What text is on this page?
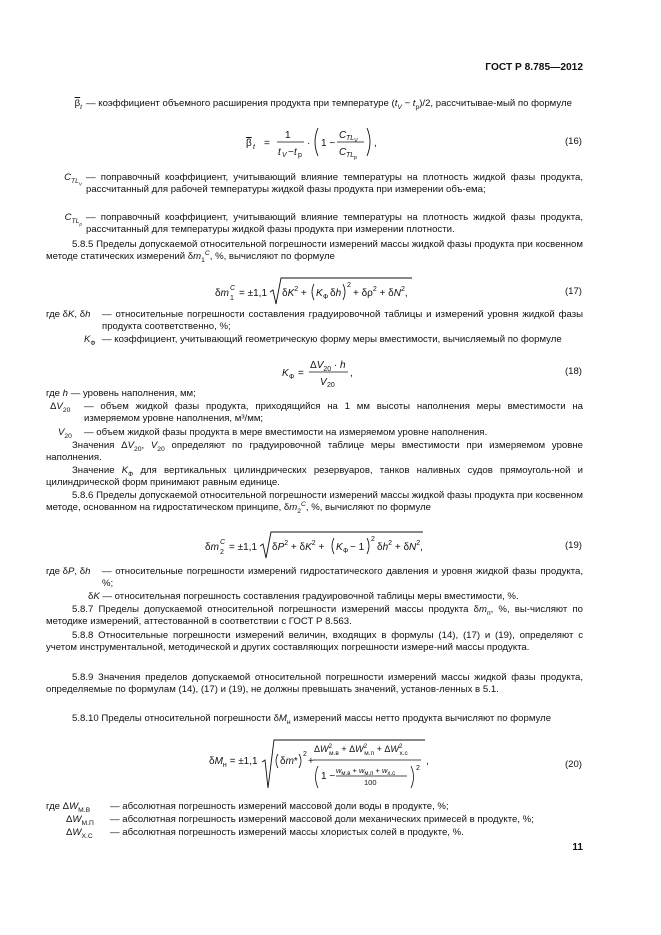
ГОСТ Р 8.785—2012
$\overline{\beta}_t$ — коэффициент объемного расширения продукта при температуре $(t_V - t_р)/2$, рассчитывае-мый по формуле
β t =
1
t V − t р
· 1 −
C TL V
C TL р
,	(16)
$C_{TL_V}$
— поправочный коэффициент, учитывающий влияние температуры на плотность жидкой фазы продукта, рассчитанный для рабочей температуры жидкой фазы продукта при измерении объ-ема;
$C_{TL_р}$
— поправочный коэффициент, учитывающий влияние температуры на плотность жидкой фазы продукта, рассчитанный для температуры жидкой фазы продукта при измерении плотности.
5.8.5 Пределы допускаемой относительной погрешности измерений массы жидкой фазы продукта при косвенном методе статических измерений $\delta m_1^C$, %, вычисляют по формуле
δm C
1 = ±1,1 $\delta K^2 + K$ Ф δh
2
+ $\delta\rho^2 + \delta N^2$,	(17)
где δK, δh — относительные погрешности составления градуировочной таблицы и измерений уровня жидкой фазы продукта соответственно, %;
$K_Ф$ — коэффициент, учитывающий геометрическую форму меры вместимости, вычисляемый по формуле
K Ф =
$\Delta V_{20} \cdot h$
V 20
,	(18)
где h — уровень наполнения, мм;
$\Delta V_{20}$ — объем жидкой фазы продукта, приходящийся на 1 мм высоты наполнения меры вместимости на измеряемом уровне наполнения, м³/мм;
$V_{20}$ — объем жидкой фазы продукта в мере вместимости на измеряемом уровне наполнения.
Значения $\Delta V_{20}$, $V_{20}$ определяют по градуировочной таблице меры вместимости при измеряемом уровне наполнения.
Значение $K_Ф$ для вертикальных цилиндрических резервуаров, танков наливных судов прямоуголь-ной и цилиндрической форм принимают равным единице.
5.8.6 Пределы допускаемой относительной погрешности измерений массы жидкой фазы продукта при косвенном методе, основанном на гидростатическом принципе, $\delta m_2^C$, %, вычисляют по формуле
δm C
2 = ±1,1 $\delta P^2 + \delta K^2 + K$ Ф − 1
2
$\delta h^2 + \delta N^2$,	(19)
где δP, δh — относительные погрешности измерений гидростатического давления и уровня жидкой фазы продукта, %;
δK — относительная погрешность составления градуировочной таблицы меры вместимости, %.
5.8.7 Пределы допускаемой относительной погрешности измерений массы продукта $\delta m_п$, %, вы-числяют по методике измерений, аттестованной в соответствии с ГОСТ Р 8.563.
5.8.8 Относительные погрешности измерений величин, входящих в формулы (14), (17) и (19), определяют с учетом инструментальной, методической и других составляющих погрешности измере-ний массы продукта.
5.8.9 Значения пределов допускаемой относительной погрешности измерений массы жидкой фазы продукта, определяемые по формулам (14), (17) и (19), не должны превышать значений, установ-ленных в 5.1.
5.8.10 Пределы относительной погрешности $\delta M_н$ измерений массы нетто продукта вычисляют по формуле
$\delta M_н = \pm 1,1$ δm*
2
+
$\Delta W^2$ $м.в + \Delta W^2$ $м.п + \Delta W^2$ х.с
1 −
$w_{м.в} + w_{м.п} + w_{х.с}$
100
2
,	(20)
где $\Delta W_{М.В}$ — абсолютная погрешность измерений массовой доли воды в продукте, %;
$\Delta W_{М.П}$ — абсолютная погрешность измерений массовой доли механических примесей в продукте, %;
$\Delta W_{Х.С}$ — абсолютная погрешность измерений массы хлористых солей в продукте, %.
11
